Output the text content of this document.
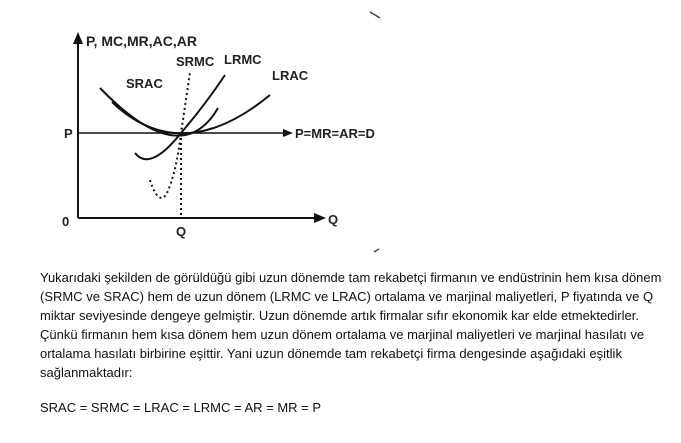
P, MC,MR,AC,AR
SRAC
SRMC LRMC
LRAC
P	P=MR=AR=D
0
Q
Q

Yukarıdaki şekilden de görüldüğü gibi uzun dönemde tam rekabetçi firmanın ve endüstrinin hem kısa dönem (SRMC ve SRAC) hem de uzun dönem (LRMC ve LRAC) ortalama ve marjinal maliyetleri, P fiyatında ve Q miktar seviyesinde dengeye gelmiştir. Uzun dönemde artık firmalar sıfır ekonomik kar elde etmektedirler. Çünkü firmanın hem kısa dönem hem uzun dönem ortalama ve marjinal maliyetleri ve marjinal hasılatı ve ortalama hasılatı birbirine eşittir. Yani uzun dönemde tam rekabetçi firma dengesinde aşağıdaki eşitlik sağlanmaktadır:

SRAC = SRMC = LRAC = LRMC = AR = MR = P
